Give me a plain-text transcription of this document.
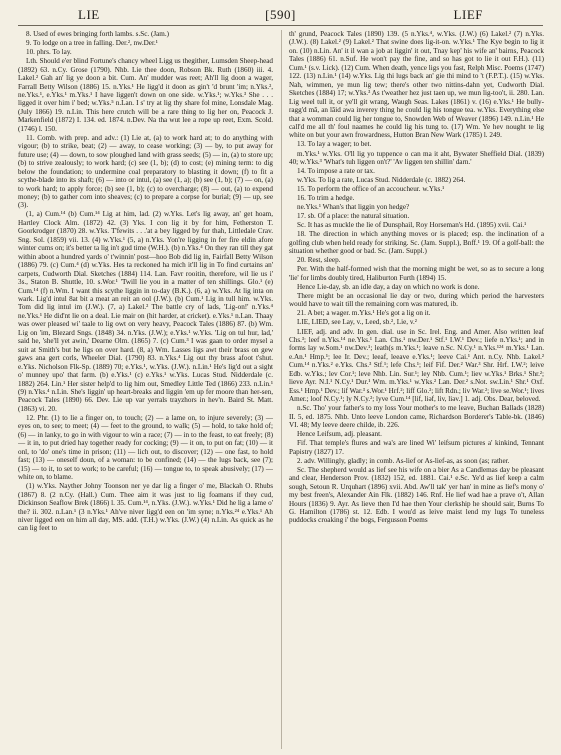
LIE	[590]	LIEF

8. Used of ewes bringing forth lambs. s.Sc. (Jam.)

9. To lodge on a tree in falling. Der.², nw.Der.¹

10. phrs. To lay.

Lth. Should e'er blind Fortune's chancy wheel Ligg us thegither, Lumsden Sheep-head (1892) 63. n.Cy. Grose (1790). Nhb. Lie thee doon, Robson Bk. Ruth (1860) iii. 4. Lakel.² Gah an' lig ye doon a bit. Cum. An' mudder was reet; Ah'll lig doon a wager, Farrall Betty Wilson (1886) 15. n.Yks.¹ He ligg'd it doon as gin't 'd brunt 'im; n.Yks.², ne.Yks.¹, e.Yks.¹ m.Yks.¹ I have liggen't down on one side. w.Yks.¹; w.Yks.³ She . . . ligged it over him i' bed; w.Yks.⁵ n.Lan. I s' try at lig thy share fol mine, Lonsdale Mag. (July 1866) 19. n.Lin. This here crutch will be a rare thing to lig her on, Peacock J. Markenfield (1872) I. 134. ed. 1874. n.Dev. Na tha wut lee a rope up reet, Exm. Scold. (1746) l. 150.

11. Comb. with prep. and adv.: (1) Lie at, (a) to work hard at; to do anything with vigour; (b) to strike, beat; (2) — away, to cease working; (3) — by, to put away for future use; (4) — down, to sow ploughed land with grass seeds; (5) — in, (a) to store up; (b) to strive zealously; to work hard; (c) see (1, b); (d) to cost; (e) mining term: to dig below the foundation; to undermine coal preparatory to blasting it down; (f) to fit a scythe-blade into its shaft; (6) — into or intul, (a) see (1, a); (b) see (1, b); (7) — on, (a) to work hard; to apply force; (b) see (1, b); (c) to overcharge; (8) — out, (a) to expend money; (b) to gather corn into sheaves; (c) to prepare a corpse for burial; (9) — up, see (3).

(1, a) Cum.¹⁴ (b) Cum.¹⁴ Lig at him, lad. (2) w.Yks. Let's lig away, an' get hoam, Hartley Clock Alm. (1872) 42. (3) Yks. I con lig it by for him, Fetherston T. Goorkrodger (1870) 28. w.Yks. T'fewits . . .'at a bey ligged by fur thah, Littledale Crav. Sng. Sol. (1859) vii. 13. (4) w.Yks.¹ (5, a) n.Yks. Yon're ligging in fer fire eldin afore winter cums on; it's better ta lig in't gud time (W.H.). (b) n.Yks.⁴ On they ran till they gat within aboot a hundred yards o' t'winnin' post—hoo Bob did lig in, Fairfall Betty Wilson (1886) 79. (c) Cum.⁴ (d) w.Yks. Hes ta reckoned ha mich it'll lig in To find curtains an' carpets, Cudworth Dial. Sketches (1884) 114. Lan. Favr rooitin, therefore, wil lie us i' 3s., Staton B. Shuttle, 10. s.Wor.¹ 'Twill lie you in a matter of ten shillings. Glo.¹ (e) Cum.¹⁴ (f) n.Wm. I want this scythe liggin in to-day (B.K.). (6, a) w.Yks. At lig inta on wark. Lig'd intul 8at bit a meat an reit an ool (J.W.). (b) Cum.¹ Lig in tull him. w.Yks. Tom did lig intul im (J.W.). (7, a) Lakel.² The battle cry of lads, 'Lig-on!' n.Yks.⁴ ne.Yks.¹ He did'nt lie on a deal. Lie mair on (hit harder, at cricket). e.Yks.¹ n.Lan. Thaay was ower pleased wi' taale to lig owt on very heavy, Peacock Tales (1886) 87. (b) Wm. Lig on 'im, Blezard Sngs. (1848) 34. n.Yks. (J.W.); e.Yks.¹ w.Yks. 'Lig on tul hur, lad,' said he, 'she'll yet awin,' Dearne Olm. (1865) 7. (c) Cum.³ I was gaan to order mysel a suit at Smith's but he ligs on over hard. (8, a) Wm. Lasses ligs awt their brass on gew gaws ana gert corls, Wheeler Dial. (1790) 83. n.Yks.⁴ Lig out thy brass afoot t'shut. e.Yks. Nicholson Flk-Sp. (1889) 70; e.Yks.¹, w.Yks. (J.W.). n.Lin.¹ He's lig'd out a sight o' munney upo' that farm. (b) e.Yks.¹ (c) e.Yks.¹ w.Yks. Lucas Stud. Nidderdale (c. 1882) 264. Lin.¹ Her sister help'd to lig him out, Smedley Little Ted (1866) 233. n.Lin.¹ (9) n.Yks.⁴ n.Lin. She's liggin' up heart-breaks and liggin 'em up fer moore than her-sen, Peacock Tales (1890) 66. Dev. Lie up var yerrals trayzhors in hev'n. Baird St. Matt. (1863) vi. 20.

12. Phr. (1) to lie a finger on, to touch; (2) — a lame on, to injure severely; (3) — eyes on, to see; to meet; (4) — feet to the ground, to walk; (5) — hold, to take hold of; (6) — in lanky, to go in with vigour to win a race; (7) — in to the feast, to eat freely; (8) — it in, to put dried hay together ready for cocking; (9) — it on, to put on fat; (10) — it onl, to 'do' one's time in prison; (11) — lich out, to discover; (12) — one fast, to hold fast; (13) — oneself doun, of a woman: to be confined; (14) — the lugs back, see (7); (15) — to it, to set to work; to be careful; (16) — tongue to, to speak abusively; (17) — white on, to blame.

(1) w.Yks. Nayther Johny Toonson ner ye dar lig a finger o' me, Blackah O. Rhubs (1867) 8. (2 n.Cy. (Hall.) Cum. Thee aim it was just to lig foamans if they cud, Dickinson Seaflow Brek (1866) l. 35. Cum.¹⁴, n.Yks. (J.W.). w.Yks.¹ Did he lig a lame o' the? ii. 302. n.Lan.¹ (3 n.Yks.¹ Ah've niver ligg'd een on 'im syne; n.Yks.²⁴ e.Yks.¹ Ah niver ligged een on him all day, MS. add. (T.H.) w.Yks. (J.W.) (4) n.Lin. As quick as he can lig feet to

th' grund, Peacock Tales (1890) 139. (5 n.Yks.⁴, w.Yks. (J.W.) (6) Lakel.² (7) n.Yks. (J.W.). (8) Lakel.² (9) Lakel.² That swine does lig-it-on. w.Yks.¹ The Kye begin to lig it on. (10) n.Lin. An' it il wan a job at liggin' it out, Tnay kep' his wife an' bairns, Peacock Tales (1886) 61. n.Suf. He won't pay the fine, and so has got to lie it out F.H.). (11) Cum.¹ (s.v. Lick). (12) Cum. When death, yence ligs you fast, Relph Misc. Poems (1747) 122. (13) n.Lin.¹ (14) w.Yks. Lig thi lugs back an' gie thi mind to 't (F.P.T.). (15) w.Yks. Nah, wimmen, ye mun lig tew; there's other two nittins-dahn yet, Cudworth Dial. Sketches (1884) 17; w.Yks.³ As t'weather hez just taen up, we mun lig-too't, ii. 280. Lan. Lig weel tull it, or ye'll git wrang, Waugh Seas. Lakes (1861) v. (16) e.Yks.¹ He bully-ragg'd mā, an lāid awa inverey thing he could lig his tongue tea. w.Yks. Everything else that a womman could lig her tongue to, Snowden Web of Weaver (1896) 149. n.Lin.¹ He call'd me all th' foul naames he could lig his tung to. (17) Wm. Ye hev nought te lig white on but your awn frowardness, Hutton Bran New Wark (1785) l. 249.

13. To lay a wager; to bet.

m.Yks.¹ w.Yks. O'll lig yo tuppence o can ma it aht, Bywater Sheffield Dial. (1839) 40; w.Yks.³ 'What's tuh liggen on't?' 'Av liggen ten shillin' darn.'

14. To impose a rate or tax.

w.Yks. To lig a rate, Lucas Stud. Nidderdale (c. 1882) 264.

15. To perform the office of an accoucheur. w.Yks.¹

16. To trim a hedge.

ne.Yks.¹ Whan's that liggin yon hedge?

17. sb. Of a place: the natural situation.

Sc. It has as muckle the lie of Dunsphail, Roy Horseman's Hd. (1895) xvii. Cai.¹

18. The direction in which anything moves or is placed; esp. the inclination of a golfing club when held ready for striking. Sc. (Jam. Suppl.), Bnff.¹ 19. Of a golf-ball: the situation whether good or bad. Sc. (Jam. Suppl.)

20. Rest, sleep.

Per. With the half-formed wish that the morning might be wet, so as to secure a long 'lie' for limbs doubly tired, Haliburton Furth (1894) 15.

Hence Lie-day, sb. an idle day, a day on which no work is done.

There might be an occasional lie day or two, during which period the harvesters would have to wait till the remaining corn was matured, ib.

21. A bet; a wager. m.Yks.¹ He's got a lig on it.

LIE, LIED, see Lay, v., Leed, sb.², Lie, v.²

LIEF, adj. and adv. In gen. dial. use in Sc. Irel. Eng. and Amer. Also written leaf Chs.³; leef n.Yks.¹⁴ ne.Yks.¹ Lan. Chs.¹ nw.Der.¹ Stf.¹ I.W.¹ Dev.; liefe n.Yks.¹; and in forms lay w.Som.¹ nw.Dev.¹; leath(s m.Yks.¹; leave n.Sc. N.Cy.¹ n.Yks.¹²⁴ m.Yks.¹ Lan. e.An.¹ Hmp.¹; lee Ir. Dev.; leeaf, leeave e.Yks.¹; leeve Cai.¹ Ant. n.Cy. Nhb. Lakel.² Cum.¹⁴ n.Yks.² e.Yks. Chs.³ Stf.¹; lefe Chs.¹; leif Fif. Der.² War.³ Shr. Hrf. I.W.²; leive Edb. w.Yks.; lev Cor.¹; leve Nhb. Lin. Sur.¹; ley Nhb. Cum.¹; liev w.Yks.¹ Brks.¹ Shr.²; lieve Ayr. N.I.¹ N.Cy.¹ Dur.¹ Wm. m.Yks.¹ w.Yks.² Lan. Der.² s.Not. sw.Lin.¹ Shr.¹ Oxf. Ess.¹ Hmp.¹ Dev.; lif War.³ s.Wor.¹ Hrf.²; liff Glo.²; lift Rdn.; liv War.²; live se.Wor.¹; lives Amer.; loof N.Cy.¹; ly N.Cy.²; lyve Cum.¹⁴ [lif, liəf, liv, liəv.] 1. adj. Obs. Dear, beloved.

n.Sc. Tho' your father's to my loss Your mother's to me leave, Buchan Ballads (1828) II. 5, ed. 1875. Nhb. Unto leeve London came, Richardson Borderer's Table-bk. (1846) VI. 48; My leeve deere childe, ib. 226.

Hence Leifsum, adj. pleasant.

Fif. That temple's flures and wa's are lined Wi' leifsum pictures a' kinkind, Tennant Papistry (1827) 17.

2. adv. Willingly, gladly; in comb. As-lief or As-lief-as, as soon (as; rather.

Sc. The shepherd would as lief see his wife on a bier As a Candlemas day be pleasant and clear, Henderson Prov. (1832) 152, ed. 1881. Cai.¹ e.Sc. Ye'd as lief keep a calm sough, Setoun R. Urquhart (1896) xvii. Abd. Aw'll tak' yer han' in mine as lief's mony o' my best freen's, Alexander Ain Flk. (1882) 146. Rnf. He lief wad hae a prave o't, Allan Hours (1836) 9. Ayr. As lieve then I'd hae then Your clerkship he should sair, Burns To G. Hamilton (1786) st. 12. Edb. I wou'd as leive maist lend my lugs To tuneless puddocks croaking i' the bogs, Fergusson Poems
